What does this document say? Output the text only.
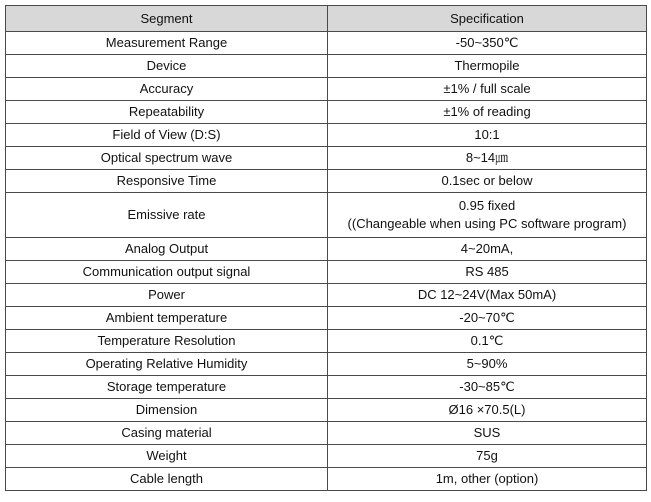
Segment	Specification
Measurement Range	-50~350℃
Device	Thermopile
Accuracy	±1% / full scale
Repeatability	±1% of reading
Field of View (D:S)	10:1
Optical spectrum wave	8~14㎛
Responsive Time	0.1sec or below
Emissive rate	0.95 fixed
((Changeable when using PC software program)

Analog Output	4~20mA,
Communication output signal	RS 485
Power	DC 12~24V(Max 50mA)
Ambient temperature	-20~70℃
Temperature Resolution	0.1℃
Operating Relative Humidity	5~90%
Storage temperature	-30~85℃
Dimension	Ø16 ×70.5(L)
Casing material	SUS
Weight	75g
Cable length	1m, other (option)
